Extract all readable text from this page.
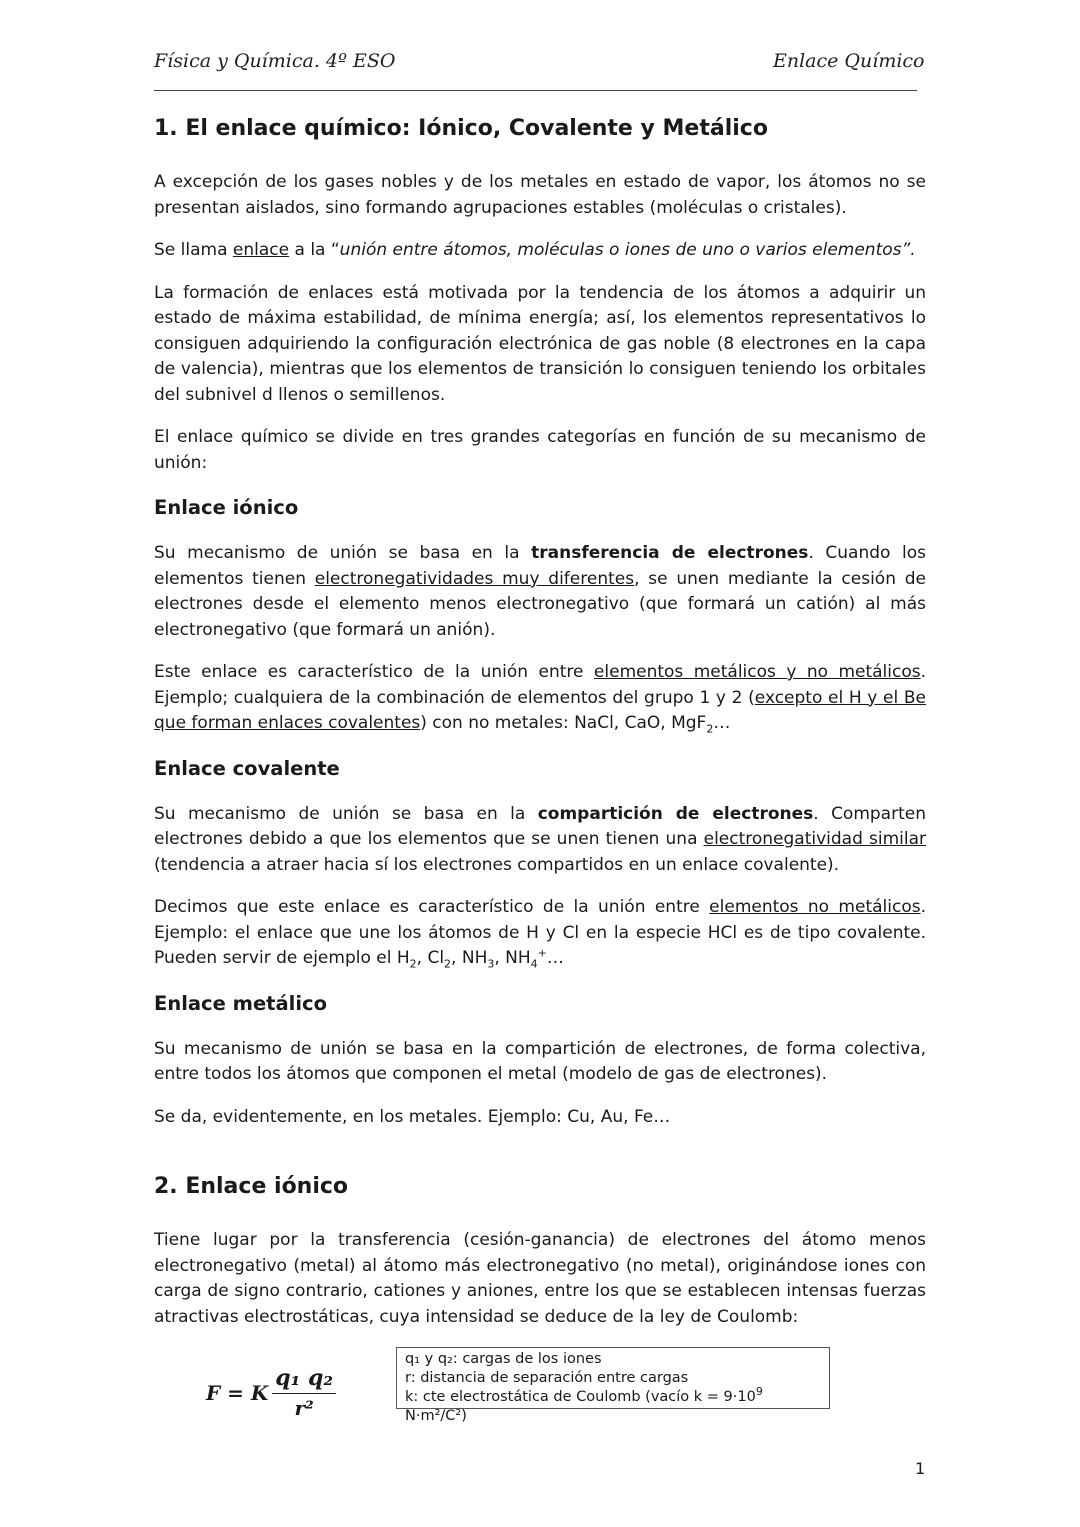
Física y Química. 4º ESO	Enlace Químico
1. El enlace químico: Iónico, Covalente y Metálico

A excepción de los gases nobles y de los metales en estado de vapor, los átomos no se presentan aislados, sino formando agrupaciones estables (moléculas o cristales).

Se llama enlace a la “unión entre átomos, moléculas o iones de uno o varios elementos”.

La formación de enlaces está motivada por la tendencia de los átomos a adquirir un estado de máxima estabilidad, de mínima energía; así, los elementos representativos lo consiguen adquiriendo la configuración electrónica de gas noble (8 electrones en la capa de valencia), mientras que los elementos de transición lo consiguen teniendo los orbitales del subnivel d llenos o semillenos.

El enlace químico se divide en tres grandes categorías en función de su mecanismo de unión:

Enlace iónico

Su mecanismo de unión se basa en la transferencia de electrones. Cuando los elementos tienen electronegatividades muy diferentes, se unen mediante la cesión de electrones desde el elemento menos electronegativo (que formará un catión) al más electronegativo (que formará un anión).

Este enlace es característico de la unión entre elementos metálicos y no metálicos. Ejemplo; cualquiera de la combinación de elementos del grupo 1 y 2 (excepto el H y el Be que forman enlaces covalentes) con no metales: NaCl, CaO, MgF$_2$…

Enlace covalente

Su mecanismo de unión se basa en la compartición de electrones. Comparten electrones debido a que los elementos que se unen tienen una electronegatividad similar (tendencia a atraer hacia sí los electrones compartidos en un enlace covalente).

Decimos que este enlace es característico de la unión entre elementos no metálicos. Ejemplo: el enlace que une los átomos de H y Cl en la especie HCl es de tipo covalente. Pueden servir de ejemplo el $H_2$, $Cl_2$, $NH_3$, $NH_4^+\dots$

Enlace metálico

Su mecanismo de unión se basa en la compartición de electrones, de forma colectiva, entre todos los átomos que componen el metal (modelo de gas de electrones).

Se da, evidentemente, en los metales. Ejemplo: Cu, Au, Fe…

2. Enlace iónico

Tiene lugar por la transferencia (cesión-ganancia) de electrones del átomo menos electronegativo (metal) al átomo más electronegativo (no metal), originándose iones con carga de signo contrario, cationes y aniones, entre los que se establecen intensas fuerzas atractivas electrostáticas, cuya intensidad se deduce de la ley de Coulomb:

F = K $\frac{\text{q₁ q₂}}{\text{r²}}$
q₁ y q₂: cargas de los iones
r: distancia de separación entre cargas
k: cte electrostática de Coulomb (vacío $k = 9\cdot 10^9$ N·m²/C²)
1
